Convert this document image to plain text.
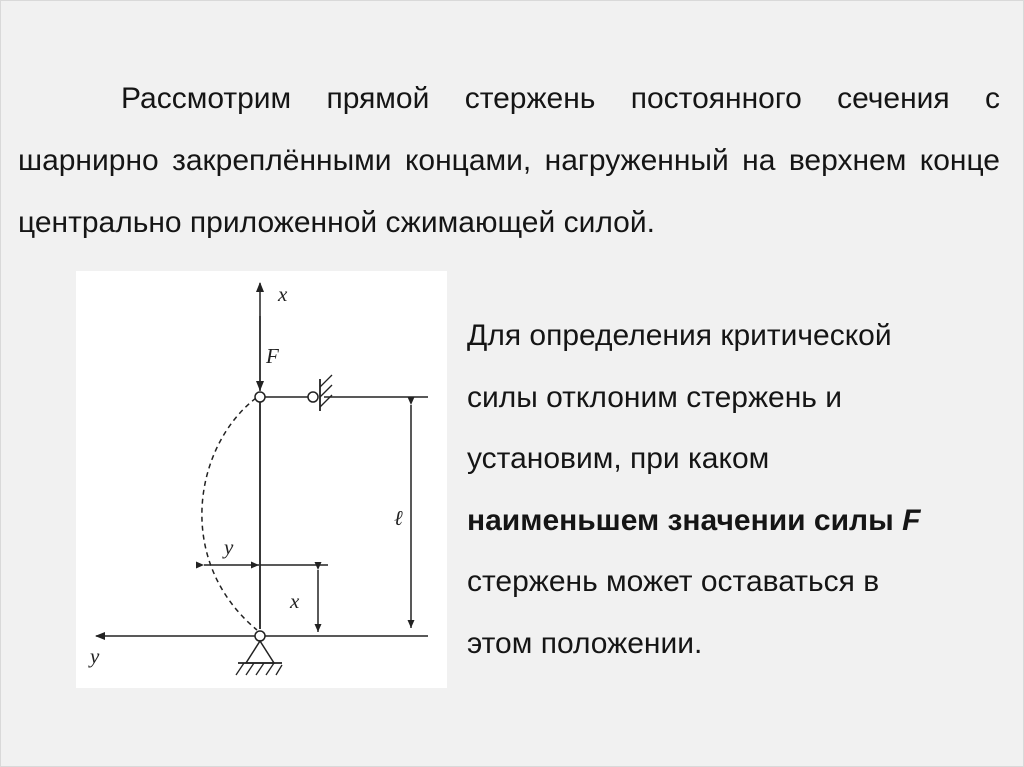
Рассмотрим прямой стержень постоянного сечения с шарнирно закреплёнными концами, нагруженный на верхнем конце центрально приложенной сжимающей силой.

x
F
y
ℓ
y
x
Для определения критической
силы отклоним стержень и
установим, при каком
наименьшем значении силы F
стержень может оставаться в
этом положении.
